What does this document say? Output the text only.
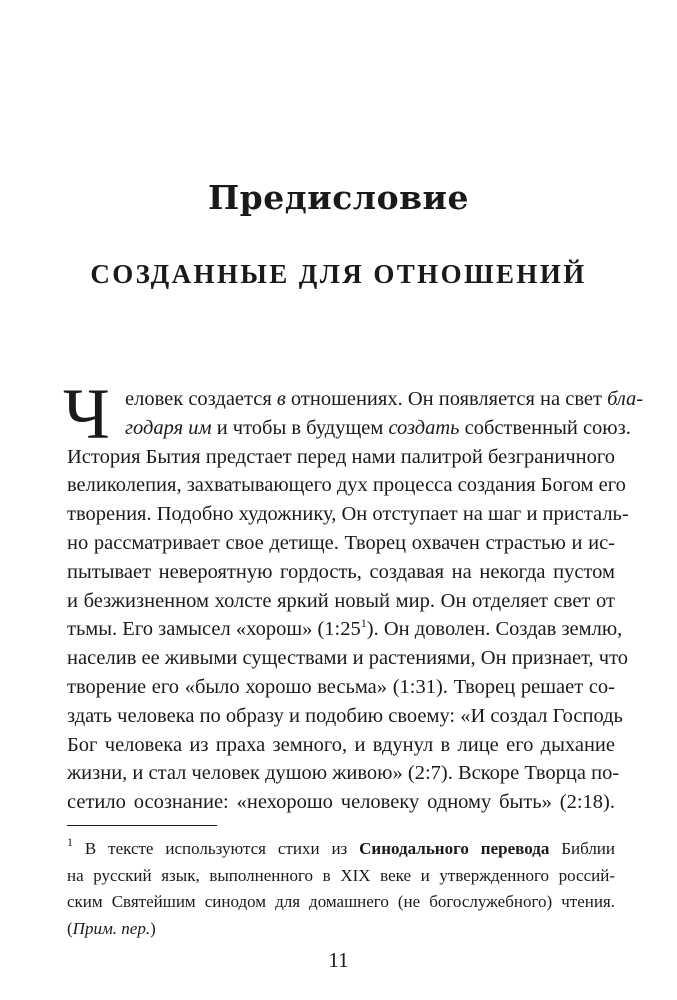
Предисловие
СОЗДАННЫЕ ДЛЯ ОТНОШЕНИЙ
Ч еловек создается в отношениях. Он появляется на свет бла-
годаря им и чтобы в будущем создать собственный союз.
История Бытия предстает перед нами палитрой безграничного
великолепия, захватывающего дух процесса создания Богом его
творения. Подобно художнику, Он отступает на шаг и присталь-
но рассматривает свое детище. Творец охвачен страстью и ис-
пытывает невероятную гордость, создавая на некогда пустом
и безжизненном холсте яркий новый мир. Он отделяет свет от
тьмы. Его замысел «хорош» $(1:25^1)$. Он доволен. Создав землю,
населив ее живыми существами и растениями, Он признает, что
творение его «было хорошо весьма» (1:31). Творец решает со-
здать человека по образу и подобию своему: «И создал Господь
Бог человека из праха земного, и вдунул в лице его дыхание
жизни, и стал человек душою живою» (2:7). Вскоре Творца по-
сетило осознание: «нехорошо человеку одному быть» (2:18).
$^1$ В тексте используются стихи из Синодального перевода Библии
на русский язык, выполненного в XIX веке и утвержденного россий-
ским Святейшим синодом для домашнего (не богослужебного) чтения.
(Прим. пер.)
11
